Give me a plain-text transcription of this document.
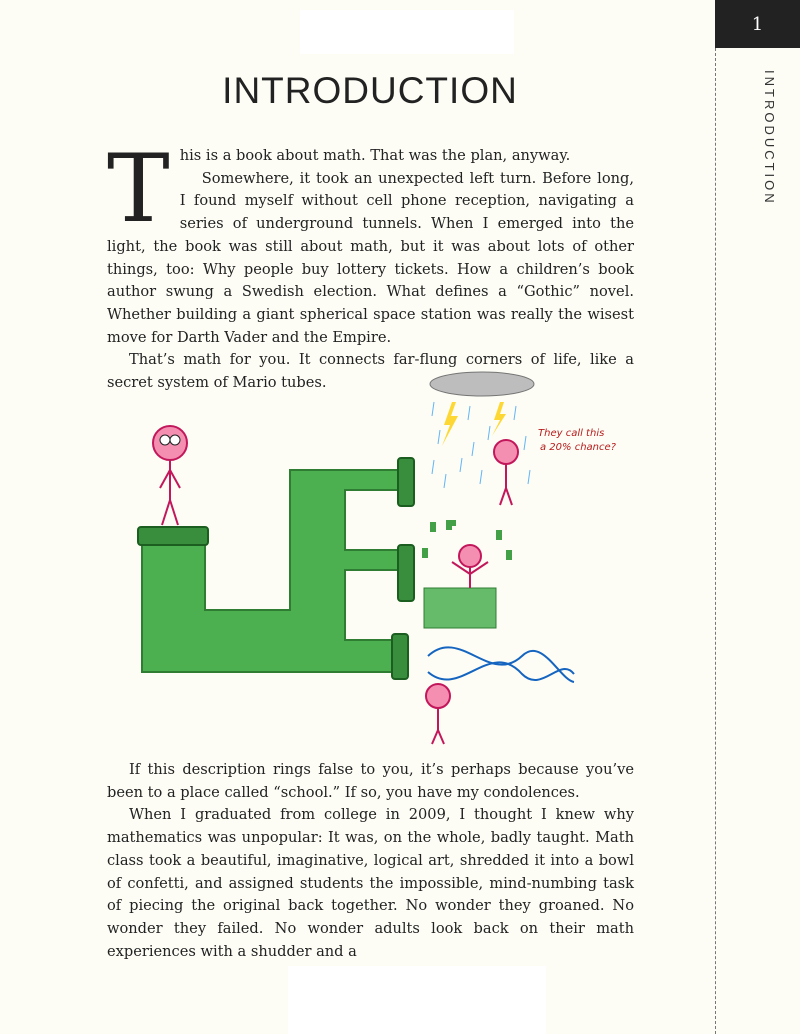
1
INTRODUCTION
INTRODUCTION

This is a book about math. That was the plan, anyway.

Somewhere, it took an unexpected left turn. Before long, I found myself without cell phone reception, navigating a series of underground tunnels. When I emerged into the light, the book was still about math, but it was about lots of other things, too: Why people buy lottery tickets. How a children’s book author swung a Swedish election. What defines a “Gothic” novel. Whether building a giant spherical space station was really the wisest move for Darth Vader and the Empire.

That’s math for you. It connects far-flung corners of life, like a secret system of Mario tubes.

They call this
a 20% chance?

If this description rings false to you, it’s perhaps because you’ve been to a place called “school.” If so, you have my condolences.

When I graduated from college in 2009, I thought I knew why mathematics was unpopular: It was, on the whole, badly taught. Math class took a beautiful, imaginative, logical art, shredded it into a bowl of confetti, and assigned students the impossible, mind-numbing task of piecing the original back together. No wonder they groaned. No wonder they failed. No wonder adults look back on their math experiences with a shudder and a
